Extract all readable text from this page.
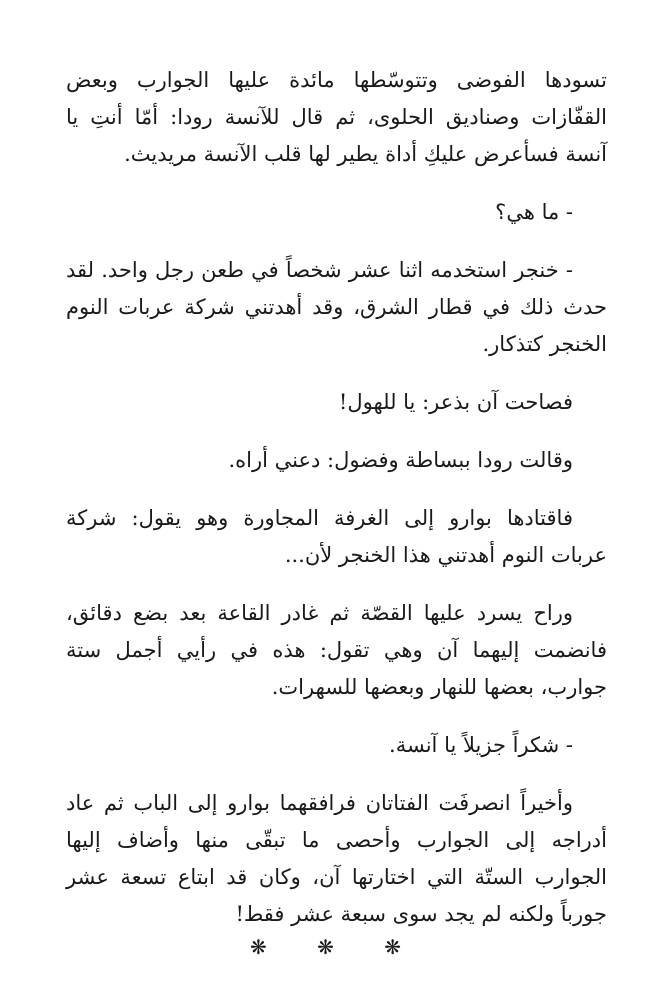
تسودها الفوضى وتتوسّطها مائدة عليها الجوارب وبعض القفّازات وصناديق الحلوى، ثم قال للآنسة رودا: أمّا أنتِ يا آنسة فسأعرض عليكِ أداة يطير لها قلب الآنسة مريديث.

- ما هي؟

- خنجر استخدمه اثنا عشر شخصاً في طعن رجل واحد. لقد حدث ذلك في قطار الشرق، وقد أهدتني شركة عربات النوم الخنجر كتذكار.

فصاحت آن بذعر: يا للهول!

وقالت رودا ببساطة وفضول: دعني أراه.

فاقتادها بوارو إلى الغرفة المجاورة وهو يقول: شركة عربات النوم أهدتني هذا الخنجر لأن...

وراح يسرد عليها القصّة ثم غادر القاعة بعد بضع دقائق، فانضمت إليهما آن وهي تقول: هذه في رأيي أجمل ستة جوارب، بعضها للنهار وبعضها للسهرات.

- شكراً جزيلاً يا آنسة.

وأخيراً انصرفَت الفتاتان فرافقهما بوارو إلى الباب ثم عاد أدراجه إلى الجوارب وأحصى ما تبقّى منها وأضاف إليها الجوارب الستّة التي اختارتها آن، وكان قد ابتاع تسعة عشر جورباً ولكنه لم يجد سوى سبعة عشر فقط!

❋ ❋ ❋
